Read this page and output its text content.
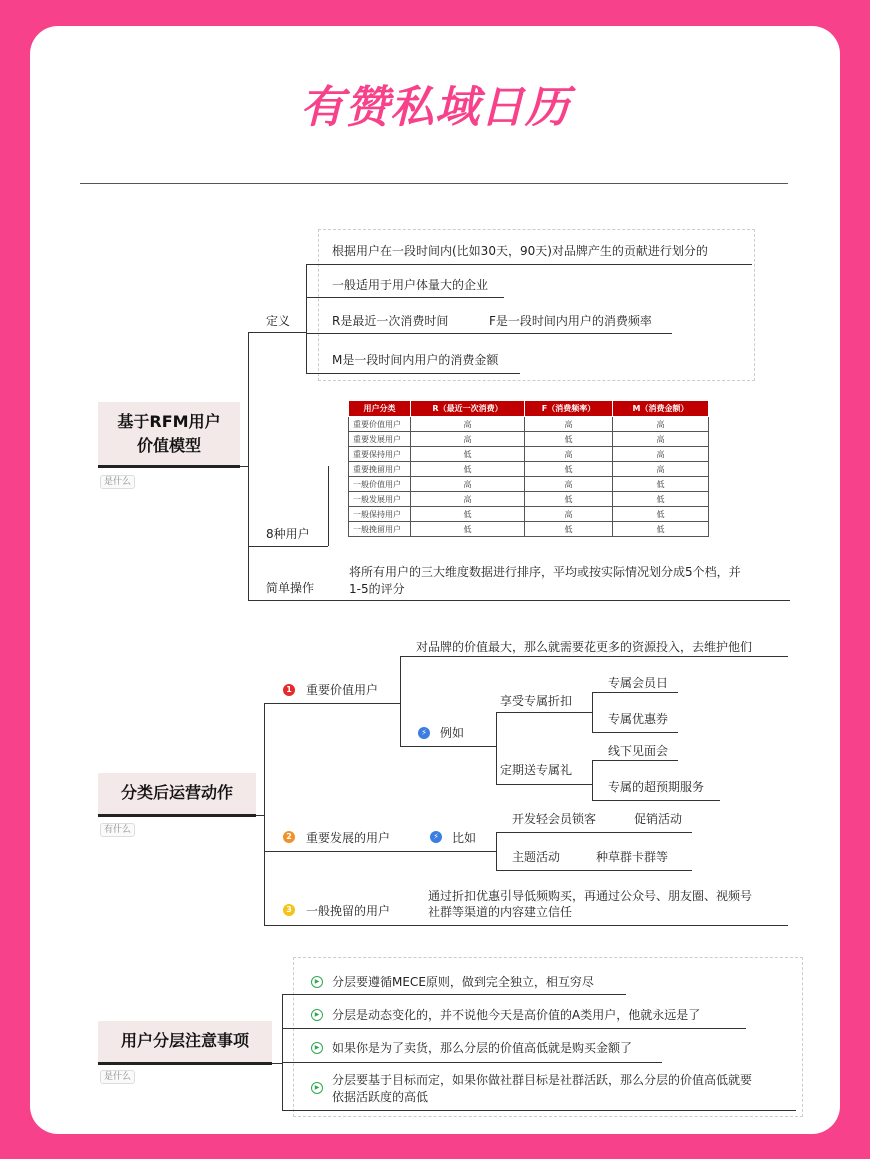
有赞私域日历
基于RFM用户
价值模型
是什么
定义
根据用户在一段时间内(比如30天，90天)对品牌产生的贡献进行划分的
一般适用于用户体量大的企业
R是最近一次消费时间	F是一段时间内用户的消费频率
M是一段时间内用户的消费金额
用户分类	R（最近一次消费）	F（消费频率）	M（消费金额）
重要价值用户	高	高	高
重要发展用户	高	低	高
重要保持用户	低	高	高
重要挽留用户	低	低	高
一般价值用户	高	高	低
一般发展用户	高	低	低
一般保持用户	低	高	低
一般挽留用户	低	低	低
8种用户
简单操作
将所有用户的三大维度数据进行排序，平均或按实际情况划分成5个档，并
1-5的评分
分类后运营动作
有什么
1 重要价值用户
对品牌的价值最大，那么就需要花更多的资源投入，去维护他们
⚡ 例如
享受专属折扣
专属会员日
专属优惠券
定期送专属礼
线下见面会
专属的超预期服务
2 重要发展的用户	⚡ 比如
开发轻会员锁客	促销活动
主题活动	种草群卡群等
3 一般挽留的用户
通过折扣优惠引导低频购买，再通过公众号、朋友圈、视频号
社群等渠道的内容建立信任
用户分层注意事项
是什么
▶	分层要遵循MECE原则，做到完全独立，相互穷尽
▶	分层是动态变化的，并不说他今天是高价值的A类用户，他就永远是了
▶	如果你是为了卖货，那么分层的价值高低就是购买金额了
▶
分层要基于目标而定，如果你做社群目标是社群活跃，那么分层的价值高低就要
依据活跃度的高低
